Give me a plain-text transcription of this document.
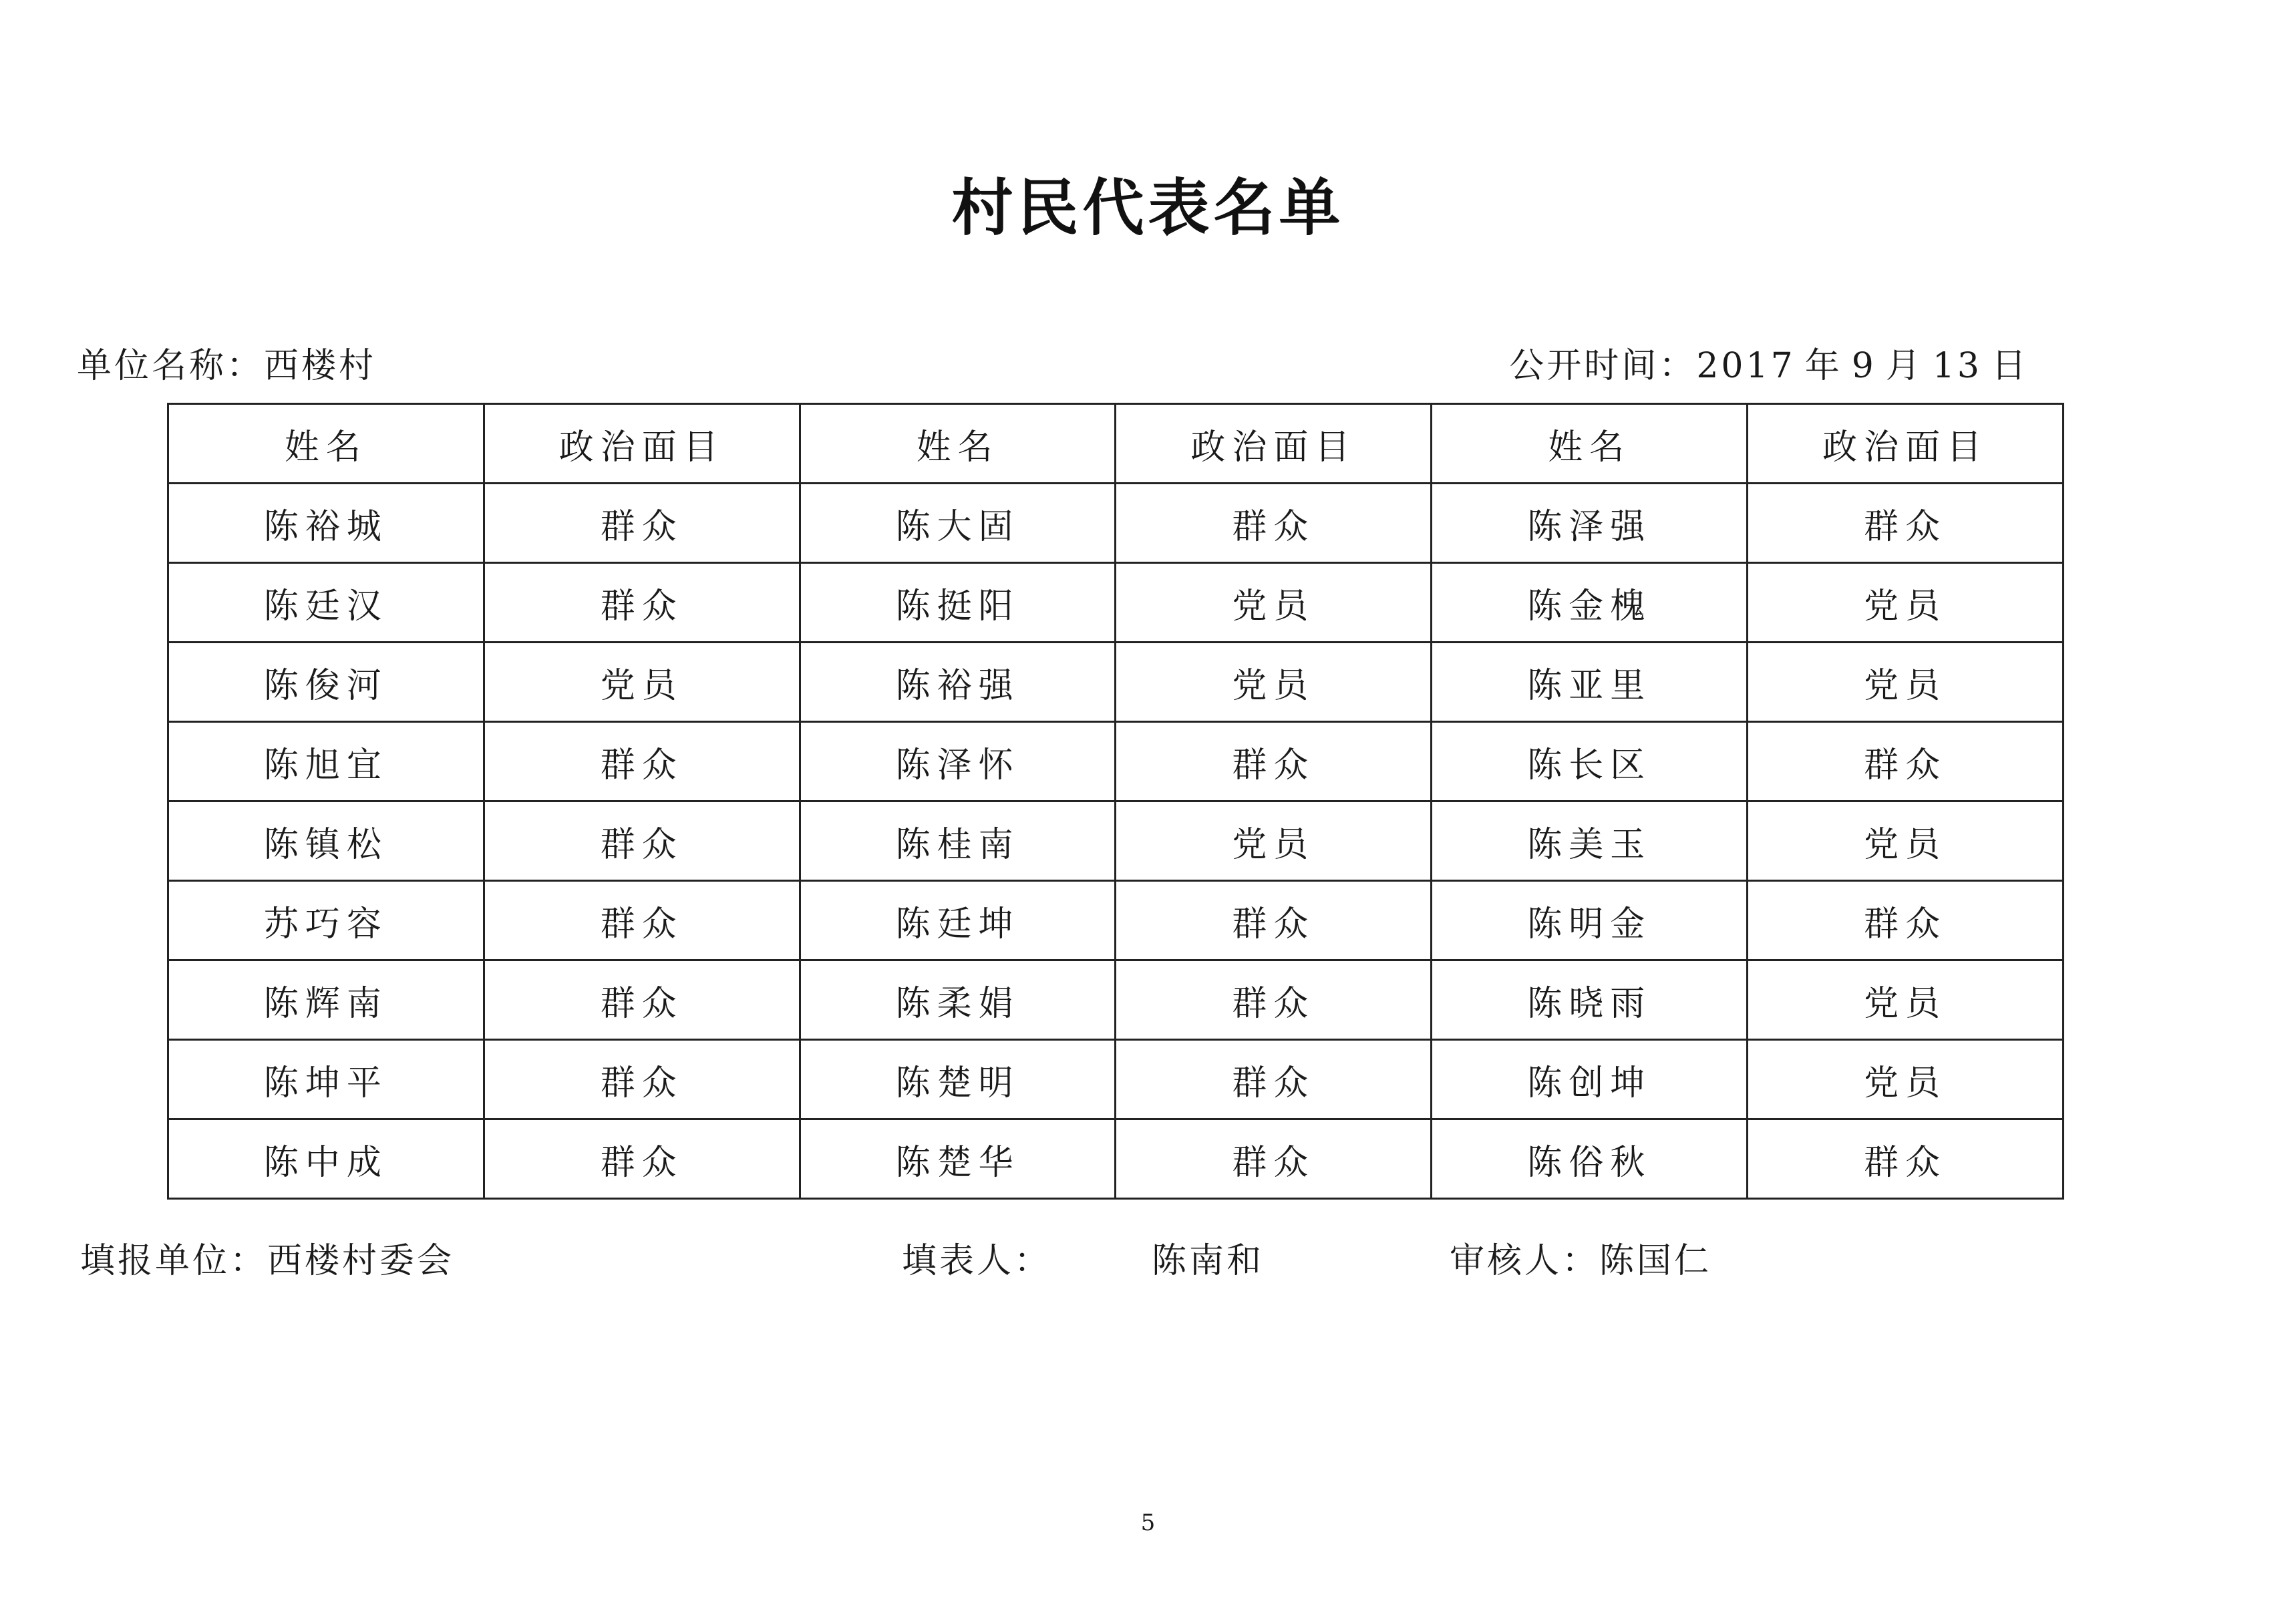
村民代表名单
单位名称：西楼村	公开时间：2017 年 9 月 13 日
姓名	政治面目	姓名	政治面目	姓名	政治面目
陈裕城	群众	陈大固	群众	陈泽强	群众
陈廷汉	群众	陈挺阳	党员	陈金槐	党员
陈俊河	党员	陈裕强	党员	陈亚里	党员
陈旭宜	群众	陈泽怀	群众	陈长区	群众
陈镇松	群众	陈桂南	党员	陈美玉	党员
苏巧容	群众	陈廷坤	群众	陈明金	群众
陈辉南	群众	陈柔娟	群众	陈晓雨	党员
陈坤平	群众	陈楚明	群众	陈创坤	党员
陈中成	群众	陈楚华	群众	陈俗秋	群众
填报单位：西楼村委会	填表人：	陈南和	审核人：陈国仁
5
